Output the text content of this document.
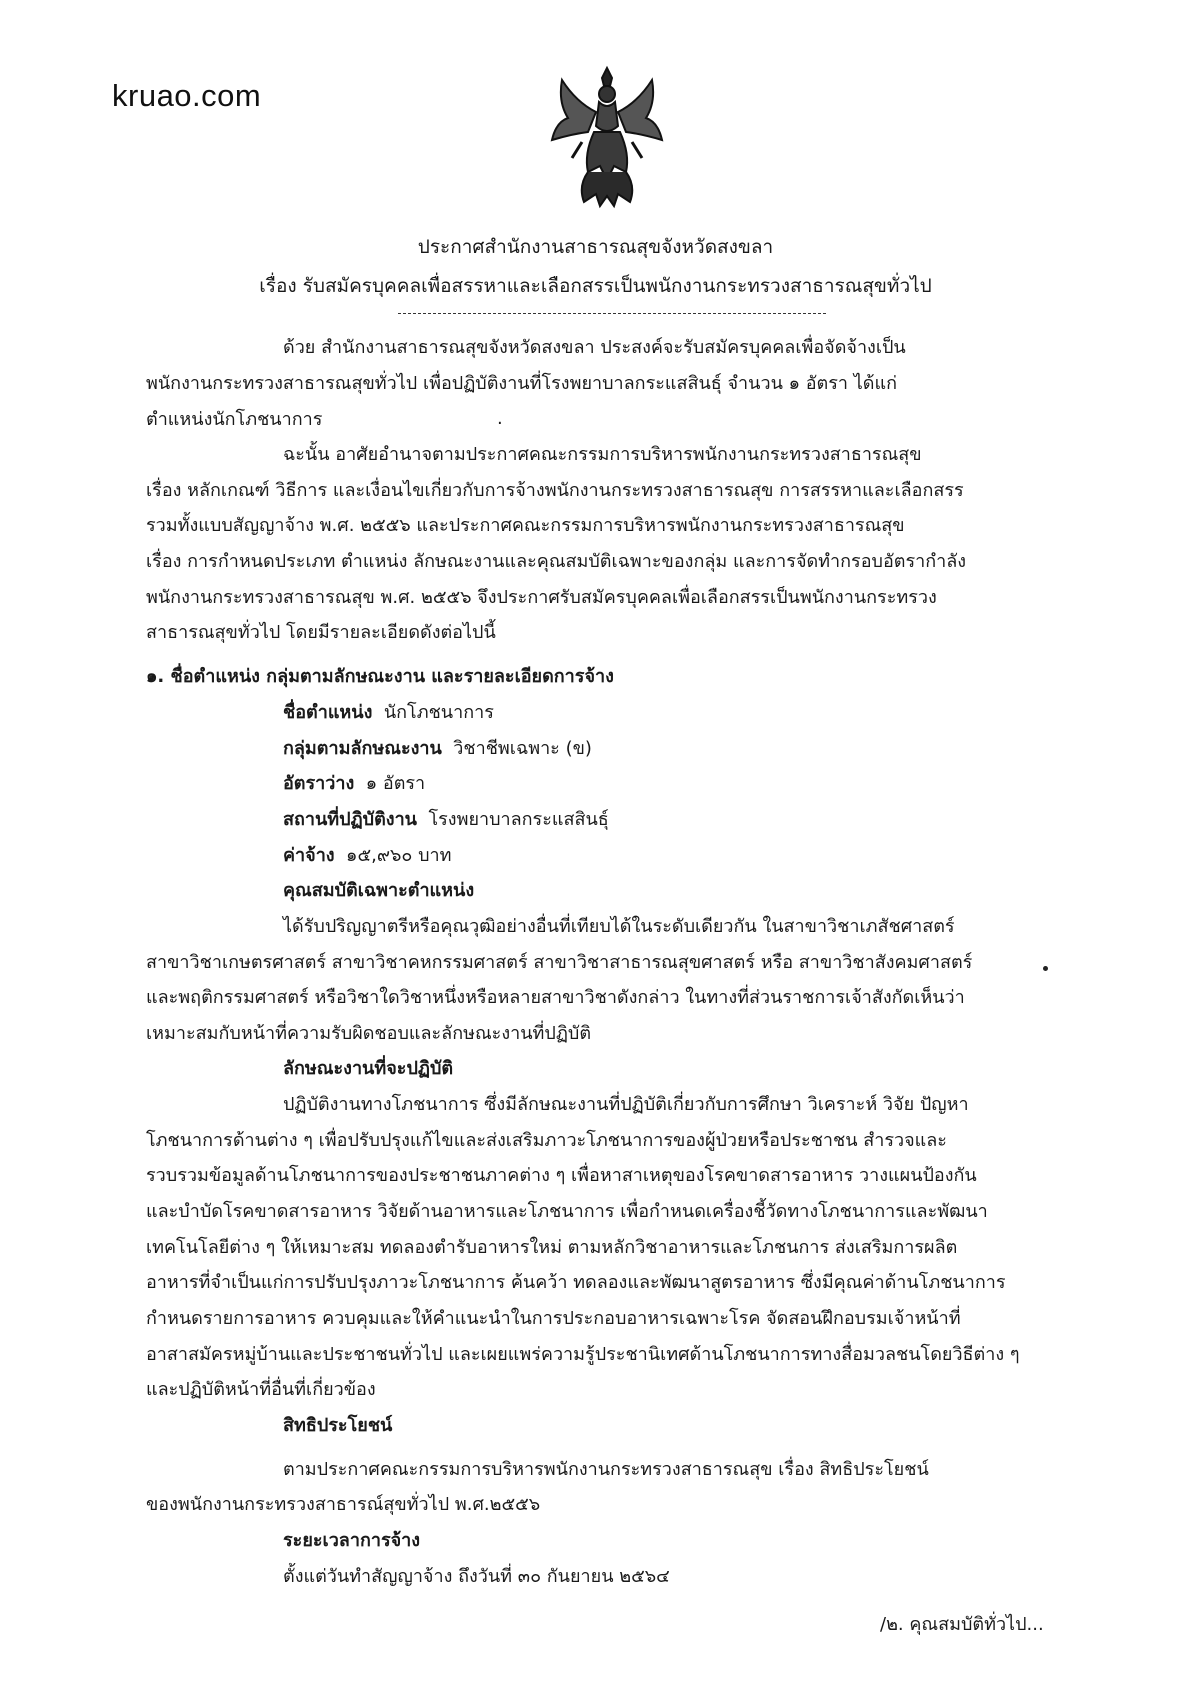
kruao.com
ประกาศสำนักงานสาธารณสุขจังหวัดสงขลา
เรื่อง รับสมัครบุคคลเพื่อสรรหาและเลือกสรรเป็นพนักงานกระทรวงสาธารณสุขทั่วไป
ด้วย สำนักงานสาธารณสุขจังหวัดสงขลา ประสงค์จะรับสมัครบุคคลเพื่อจัดจ้างเป็น
พนักงานกระทรวงสาธารณสุขทั่วไป เพื่อปฏิบัติงานที่โรงพยาบาลกระแสสินธุ์ จำนวน ๑ อัตรา ได้แก่
ตำแหน่งนักโภชนาการ	·
ฉะนั้น อาศัยอำนาจตามประกาศคณะกรรมการบริหารพนักงานกระทรวงสาธารณสุข
เรื่อง หลักเกณฑ์ วิธีการ และเงื่อนไขเกี่ยวกับการจ้างพนักงานกระทรวงสาธารณสุข การสรรหาและเลือกสรร
รวมทั้งแบบสัญญาจ้าง พ.ศ. ๒๕๕๖ และประกาศคณะกรรมการบริหารพนักงานกระทรวงสาธารณสุข
เรื่อง การกำหนดประเภท ตำแหน่ง ลักษณะงานและคุณสมบัติเฉพาะของกลุ่ม และการจัดทำกรอบอัตรากำลัง
พนักงานกระทรวงสาธารณสุข พ.ศ. ๒๕๕๖ จึงประกาศรับสมัครบุคคลเพื่อเลือกสรรเป็นพนักงานกระทรวง
สาธารณสุขทั่วไป โดยมีรายละเอียดดังต่อไปนี้
๑. ชื่อตำแหน่ง กลุ่มตามลักษณะงาน และรายละเอียดการจ้าง
ชื่อตำแหน่ง นักโภชนาการ
กลุ่มตามลักษณะงาน วิชาชีพเฉพาะ (ข)
อัตราว่าง ๑ อัตรา
สถานที่ปฏิบัติงาน โรงพยาบาลกระแสสินธุ์
ค่าจ้าง ๑๕,๙๖๐ บาท
คุณสมบัติเฉพาะตำแหน่ง
ได้รับปริญญาตรีหรือคุณวุฒิอย่างอื่นที่เทียบได้ในระดับเดียวกัน ในสาขาวิชาเภสัชศาสตร์
สาขาวิชาเกษตรศาสตร์ สาขาวิชาคหกรรมศาสตร์ สาขาวิชาสาธารณสุขศาสตร์ หรือ สาขาวิชาสังคมศาสตร์
และพฤติกรรมศาสตร์ หรือวิชาใดวิชาหนึ่งหรือหลายสาขาวิชาดังกล่าว ในทางที่ส่วนราชการเจ้าสังกัดเห็นว่า
เหมาะสมกับหน้าที่ความรับผิดชอบและลักษณะงานที่ปฏิบัติ
ลักษณะงานที่จะปฏิบัติ
ปฏิบัติงานทางโภชนาการ ซึ่งมีลักษณะงานที่ปฏิบัติเกี่ยวกับการศึกษา วิเคราะห์ วิจัย ปัญหา
โภชนาการด้านต่าง ๆ เพื่อปรับปรุงแก้ไขและส่งเสริมภาวะโภชนาการของผู้ป่วยหรือประชาชน สำรวจและ
รวบรวมข้อมูลด้านโภชนาการของประชาชนภาคต่าง ๆ เพื่อหาสาเหตุของโรคขาดสารอาหาร วางแผนป้องกัน
และบำบัดโรคขาดสารอาหาร วิจัยด้านอาหารและโภชนาการ เพื่อกำหนดเครื่องชี้วัดทางโภชนาการและพัฒนา
เทคโนโลยีต่าง ๆ ให้เหมาะสม ทดลองตำรับอาหารใหม่ ตามหลักวิชาอาหารและโภชนการ ส่งเสริมการผลิต
อาหารที่จำเป็นแก่การปรับปรุงภาวะโภชนาการ ค้นคว้า ทดลองและพัฒนาสูตรอาหาร ซึ่งมีคุณค่าด้านโภชนาการ
กำหนดรายการอาหาร ควบคุมและให้คำแนะนำในการประกอบอาหารเฉพาะโรค จัดสอนฝึกอบรมเจ้าหน้าที่
อาสาสมัครหมู่บ้านและประชาชนทั่วไป และเผยแพร่ความรู้ประชานิเทศด้านโภชนาการทางสื่อมวลชนโดยวิธีต่าง ๆ
และปฏิบัติหน้าที่อื่นที่เกี่ยวข้อง
สิทธิประโยชน์
ตามประกาศคณะกรรมการบริหารพนักงานกระทรวงสาธารณสุข เรื่อง สิทธิประโยชน์
ของพนักงานกระทรวงสาธารณ์สุขทั่วไป พ.ศ.๒๕๕๖
ระยะเวลาการจ้าง
ตั้งแต่วันทำสัญญาจ้าง ถึงวันที่ ๓๐ กันยายน ๒๕๖๔
/๒. คุณสมบัติทั่วไป...
